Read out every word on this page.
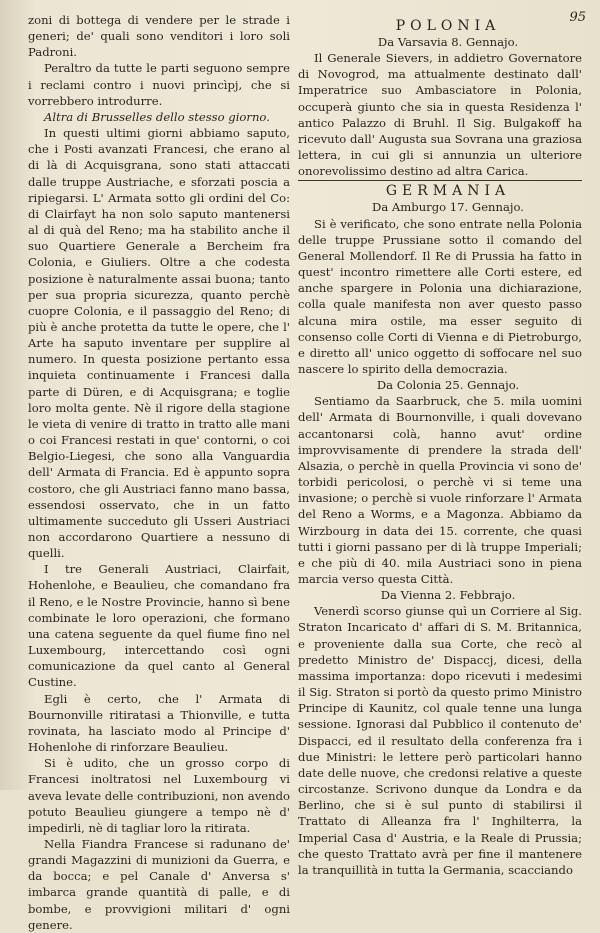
95

zoni di bottega di vendere per le strade i generi; de' quali sono venditori i loro soli Padroni.

Peraltro da tutte le parti seguono sempre i reclami contro i nuovi princìpj, che si vorrebbero introdurre.

Altra di Brusselles dello stesso giorno.

In questi ultimi giorni abbiamo saputo, che i Posti avanzati Francesi, che erano al di là di Acquisgrana, sono stati attaccati dalle truppe Austriache, e sforzati poscia a ripiegarsi. L' Armata sotto gli ordini del Co: di Clairfayt ha non solo saputo mantenersi al di quà del Reno; ma ha stabilito anche il suo Quartiere Generale a Bercheim fra Colonia, e Giuliers. Oltre a che codesta posizione è naturalmente assai buona; tanto per sua propria sicurezza, quanto perchè cuopre Colonia, e il passaggio del Reno; di più è anche protetta da tutte le opere, che l' Arte ha saputo inventare per supplire al numero. In questa posizione pertanto essa inquieta continuamente i Francesi dalla parte di Düren, e di Acquisgrana; e toglie loro molta gente. Nè il rigore della stagione le vieta di venire di tratto in tratto alle mani o coi Francesi restati in que' contorni, o coi Belgio-Liegesi, che sono alla Vanguardia dell' Armata di Francia. Ed è appunto sopra costoro, che gli Austriaci fanno mano bassa, essendosi osservato, che in un fatto ultimamente succeduto gli Usseri Austriaci non accordarono Quartiere a nessuno di quelli.

I tre Generali Austriaci, Clairfait, Hohenlohe, e Beaulieu, che comandano fra il Reno, e le Nostre Provincie, hanno sì bene combinate le loro operazioni, che formano una catena seguente da quel fiume fino nel Luxembourg, intercettando così ogni comunicazione da quel canto al General Custine.

Egli è certo, che l' Armata di Bournonville ritiratasi a Thionville, e tutta rovinata, ha lasciato modo al Principe d' Hohenlohe di rinforzare Beaulieu.

Si è udito, che un grosso corpo di Francesi inoltratosi nel Luxembourg vi aveva levate delle contribuzioni, non avendo potuto Beaulieu giungere a tempo nè d' impedirli, nè di tagliar loro la ritirata.

Nella Fiandra Francese si radunano de' grandi Magazzini di munizioni da Guerra, e da bocca; e pel Canale d' Anversa s' imbarca grande quantità di palle, e di bombe, e provvigioni militari d' ogni genere.

POLONIA

Da Varsavia 8. Gennajo.

Il Generale Sievers, in addietro Governatore di Novogrod, ma attualmente destinato dall' Imperatrice suo Ambasciatore in Polonia, occuperà giunto che sia in questa Residenza l' antico Palazzo di Bruhl. Il Sig. Bulgakoff ha ricevuto dall' Augusta sua Sovrana una graziosa lettera, in cui gli si annunzia un ulteriore onorevolissimo destino ad altra Carica.

GERMANIA

Da Amburgo 17. Gennajo.

Si è verificato, che sono entrate nella Polonia delle truppe Prussiane sotto il comando del General Mollendorf. Il Re di Prussia ha fatto in quest' incontro rimettere alle Corti estere, ed anche spargere in Polonia una dichiarazione, colla quale manifesta non aver questo passo alcuna mira ostile, ma esser seguito di consenso colle Corti di Vienna e di Pietroburgo, e diretto all' unico oggetto di soffocare nel suo nascere lo spirito della democrazia.

Da Colonia 25. Gennajo.

Sentiamo da Saarbruck, che 5. mila uomini dell' Armata di Bournonville, i quali dovevano accantonarsi colà, hanno avut' ordine improvvisamente di prendere la strada dell' Alsazia, o perchè in quella Provincia vi sono de' torbidi pericolosi, o perchè vi si teme una invasione; o perchè si vuole rinforzare l' Armata del Reno a Worms, e a Magonza. Abbiamo da Wirzbourg in data dei 15. corrente, che quasi tutti i giorni passano per di là truppe Imperiali; e che più di 40. mila Austriaci sono in piena marcia verso questa Città.

Da Vienna 2. Febbrajo.

Venerdì scorso giunse quì un Corriere al Sig. Straton Incaricato d' affari di S. M. Britannica, e proveniente dalla sua Corte, che recò al predetto Ministro de' Dispaccj, dicesi, della massima importanza: dopo ricevuti i medesimi il Sig. Straton si portò da questo primo Ministro Principe di Kaunitz, col quale tenne una lunga sessione. Ignorasi dal Pubblico il contenuto de' Dispacci, ed il resultato della conferenza fra i due Ministri: le lettere però particolari hanno date delle nuove, che credonsi relative a queste circostanze. Scrivono dunque da Londra e da Berlino, che si è sul punto di stabilirsi il Trattato di Alleanza fra l' Inghilterra, la Imperial Casa d' Austria, e la Reale di Prussia; che questo Trattato avrà per fine il mantenere la tranquillità in tutta la Germania, scacciando
